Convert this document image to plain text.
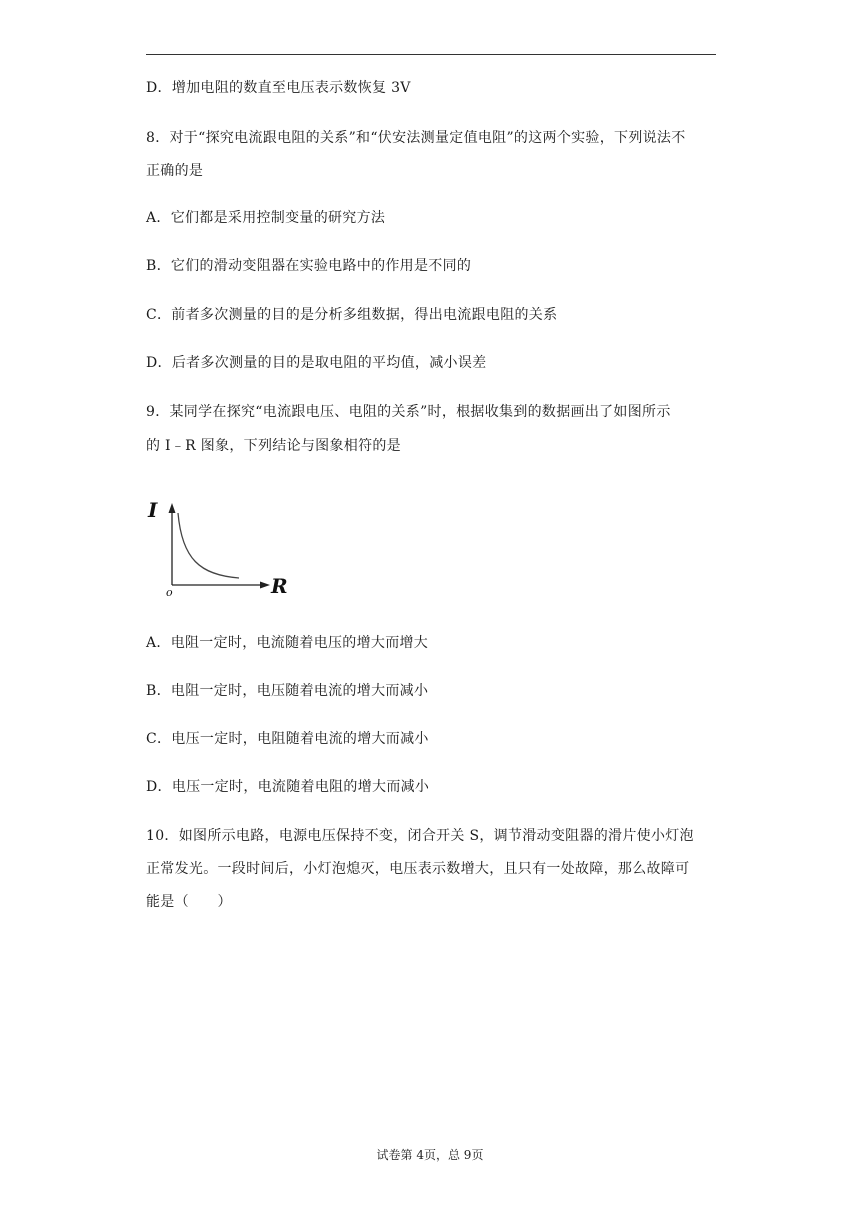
D．增加电阻的数直至电压表示数恢复 3V
8．对于“探究电流跟电阻的关系”和“伏安法测量定值电阻”的这两个实验，下列说法不
正确的是
A．它们都是采用控制变量的研究方法
B．它们的滑动变阻器在实验电路中的作用是不同的
C．前者多次测量的目的是分析多组数据，得出电流跟电阻的关系
D．后者多次测量的目的是取电阻的平均值，减小误差
9．某同学在探究“电流跟电压、电阻的关系”时，根据收集到的数据画出了如图所示
的 I﹣R 图象，下列结论与图象相符的是
I
R
o
A．电阻一定时，电流随着电压的增大而增大
B．电阻一定时，电压随着电流的增大而减小
C．电压一定时，电阻随着电流的增大而减小
D．电压一定时，电流随着电阻的增大而减小
10．如图所示电路，电源电压保持不变，闭合开关 S，调节滑动变阻器的滑片使小灯泡
正常发光。一段时间后，小灯泡熄灭，电压表示数增大，且只有一处故障，那么故障可
能是（　　）
试卷第 4页，总 9页
